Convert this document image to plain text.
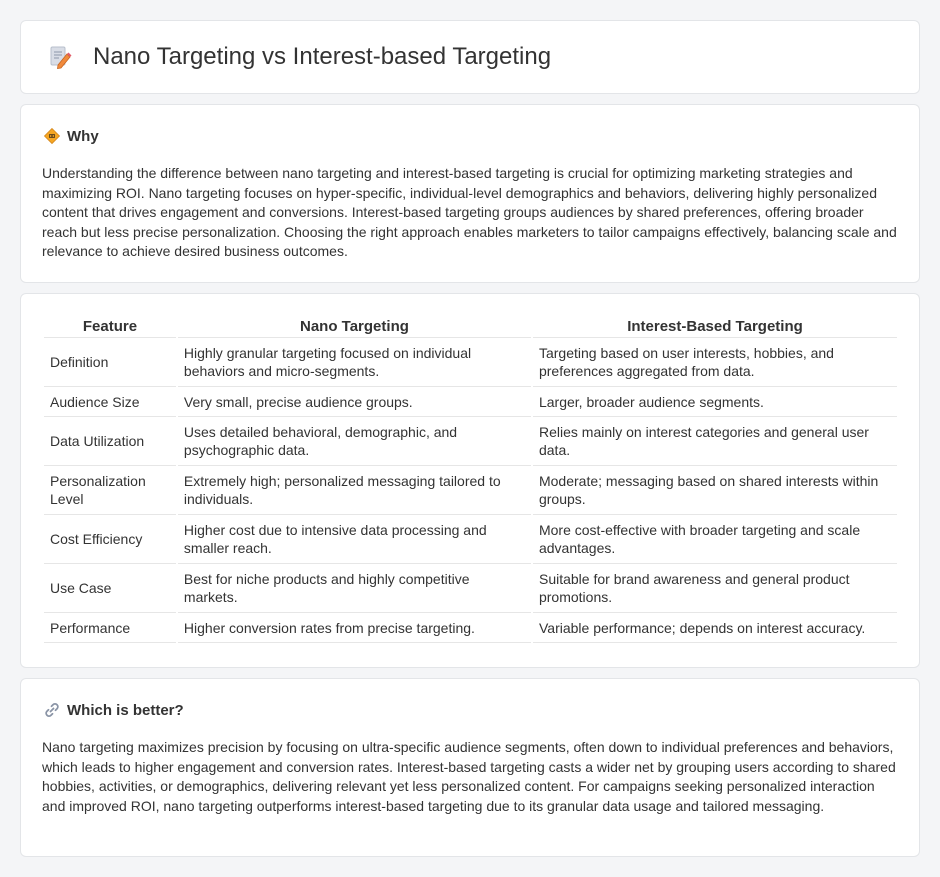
Nano Targeting vs Interest-based Targeting
Why

Understanding the difference between nano targeting and interest-based targeting is crucial for optimizing marketing strategies and maximizing ROI. Nano targeting focuses on hyper-specific, individual-level demographics and behaviors, delivering highly personalized content that drives engagement and conversions. Interest-based targeting groups audiences by shared preferences, offering broader reach but less precise personalization. Choosing the right approach enables marketers to tailor campaigns effectively, balancing scale and relevance to achieve desired business outcomes.

Feature	Nano Targeting	Interest-Based Targeting
Definition	Highly granular targeting focused on individual behaviors and micro-segments.	Targeting based on user interests, hobbies, and preferences aggregated from data.
Audience Size	Very small, precise audience groups.	Larger, broader audience segments.
Data Utilization	Uses detailed behavioral, demographic, and psychographic data.	Relies mainly on interest categories and general user data.
Personalization Level	Extremely high; personalized messaging tailored to individuals.	Moderate; messaging based on shared interests within groups.
Cost Efficiency	Higher cost due to intensive data processing and smaller reach.	More cost-effective with broader targeting and scale advantages.
Use Case	Best for niche products and highly competitive markets.	Suitable for brand awareness and general product promotions.
Performance	Higher conversion rates from precise targeting.	Variable performance; depends on interest accuracy.
Which is better?

Nano targeting maximizes precision by focusing on ultra-specific audience segments, often down to individual preferences and behaviors, which leads to higher engagement and conversion rates. Interest-based targeting casts a wider net by grouping users according to shared hobbies, activities, or demographics, delivering relevant yet less personalized content. For campaigns seeking personalized interaction and improved ROI, nano targeting outperforms interest-based targeting due to its granular data usage and tailored messaging.
